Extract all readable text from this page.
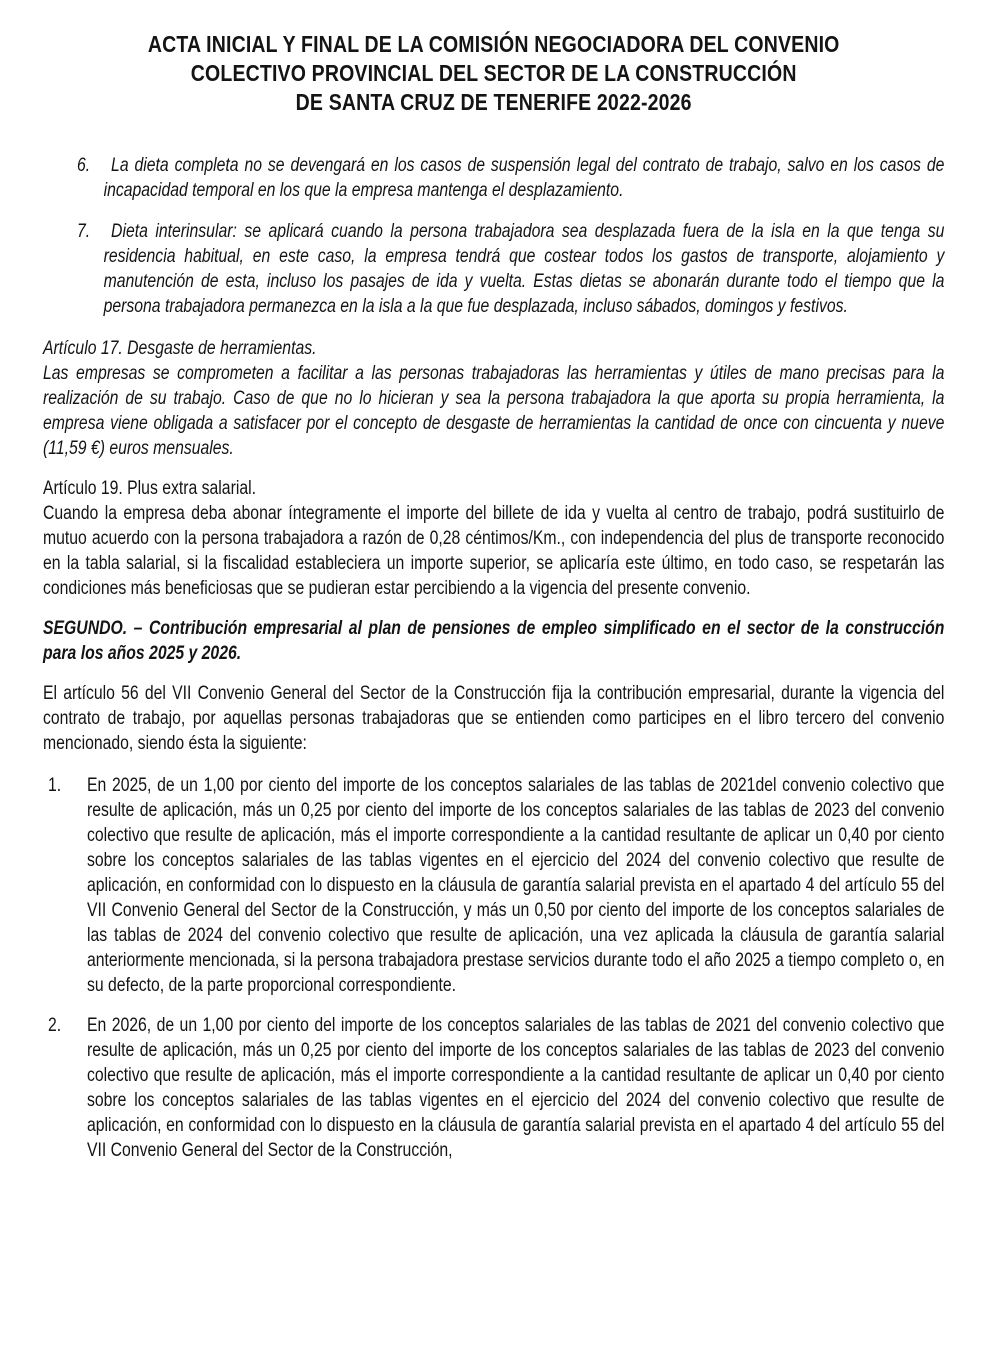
ACTA INICIAL Y FINAL DE LA COMISIÓN NEGOCIADORA DEL CONVENIO
COLECTIVO PROVINCIAL DEL SECTOR DE LA CONSTRUCCIÓN
DE SANTA CRUZ DE TENERIFE 2022-2026
6. La dieta completa no se devengará en los casos de suspensión legal del contrato de trabajo, salvo en los casos de incapacidad temporal en los que la empresa mantenga el desplazamiento.
7. Dieta interinsular: se aplicará cuando la persona trabajadora sea desplazada fuera de la isla en la que tenga su residencia habitual, en este caso, la empresa tendrá que costear todos los gastos de transporte, alojamiento y manutención de esta, incluso los pasajes de ida y vuelta. Estas dietas se abonarán durante todo el tiempo que la persona trabajadora permanezca en la isla a la que fue desplazada, incluso sábados, domingos y festivos.
Artículo 17. Desgaste de herramientas.
Las empresas se comprometen a facilitar a las personas trabajadoras las herramientas y útiles de mano precisas para la realización de su trabajo. Caso de que no lo hicieran y sea la persona trabajadora la que aporta su propia herramienta, la empresa viene obligada a satisfacer por el concepto de desgaste de herramientas la cantidad de once con cincuenta y nueve (11,59 €) euros mensuales.
Artículo 19. Plus extra salarial.
Cuando la empresa deba abonar íntegramente el importe del billete de ida y vuelta al centro de trabajo, podrá sustituirlo de mutuo acuerdo con la persona trabajadora a razón de 0,28 céntimos/Km., con independencia del plus de transporte reconocido en la tabla salarial, si la fiscalidad estableciera un importe superior, se aplicaría este último, en todo caso, se respetarán las condiciones más beneficiosas que se pudieran estar percibiendo a la vigencia del presente convenio.
SEGUNDO. – Contribución empresarial al plan de pensiones de empleo simplificado en el sector de la construcción para los años 2025 y 2026.
El artículo 56 del VII Convenio General del Sector de la Construcción fija la contribución empresarial, durante la vigencia del contrato de trabajo, por aquellas personas trabajadoras que se entienden como participes en el libro tercero del convenio mencionado, siendo ésta la siguiente:
1. En 2025, de un 1,00 por ciento del importe de los conceptos salariales de las tablas de 2021del convenio colectivo que resulte de aplicación, más un 0,25 por ciento del importe de los conceptos salariales de las tablas de 2023 del convenio colectivo que resulte de aplicación, más el importe correspondiente a la cantidad resultante de aplicar un 0,40 por ciento sobre los conceptos salariales de las tablas vigentes en el ejercicio del 2024 del convenio colectivo que resulte de aplicación, en conformidad con lo dispuesto en la cláusula de garantía salarial prevista en el apartado 4 del artículo 55 del VII Convenio General del Sector de la Construcción, y más un 0,50 por ciento del importe de los conceptos salariales de las tablas de 2024 del convenio colectivo que resulte de aplicación, una vez aplicada la cláusula de garantía salarial anteriormente mencionada, si la persona trabajadora prestase servicios durante todo el año 2025 a tiempo completo o, en su defecto, de la parte proporcional correspondiente.
2. En 2026, de un 1,00 por ciento del importe de los conceptos salariales de las tablas de 2021 del convenio colectivo que resulte de aplicación, más un 0,25 por ciento del importe de los conceptos salariales de las tablas de 2023 del convenio colectivo que resulte de aplicación, más el importe correspondiente a la cantidad resultante de aplicar un 0,40 por ciento sobre los conceptos salariales de las tablas vigentes en el ejercicio del 2024 del convenio colectivo que resulte de aplicación, en conformidad con lo dispuesto en la cláusula de garantía salarial prevista en el apartado 4 del artículo 55 del VII Convenio General del Sector de la Construcción,
